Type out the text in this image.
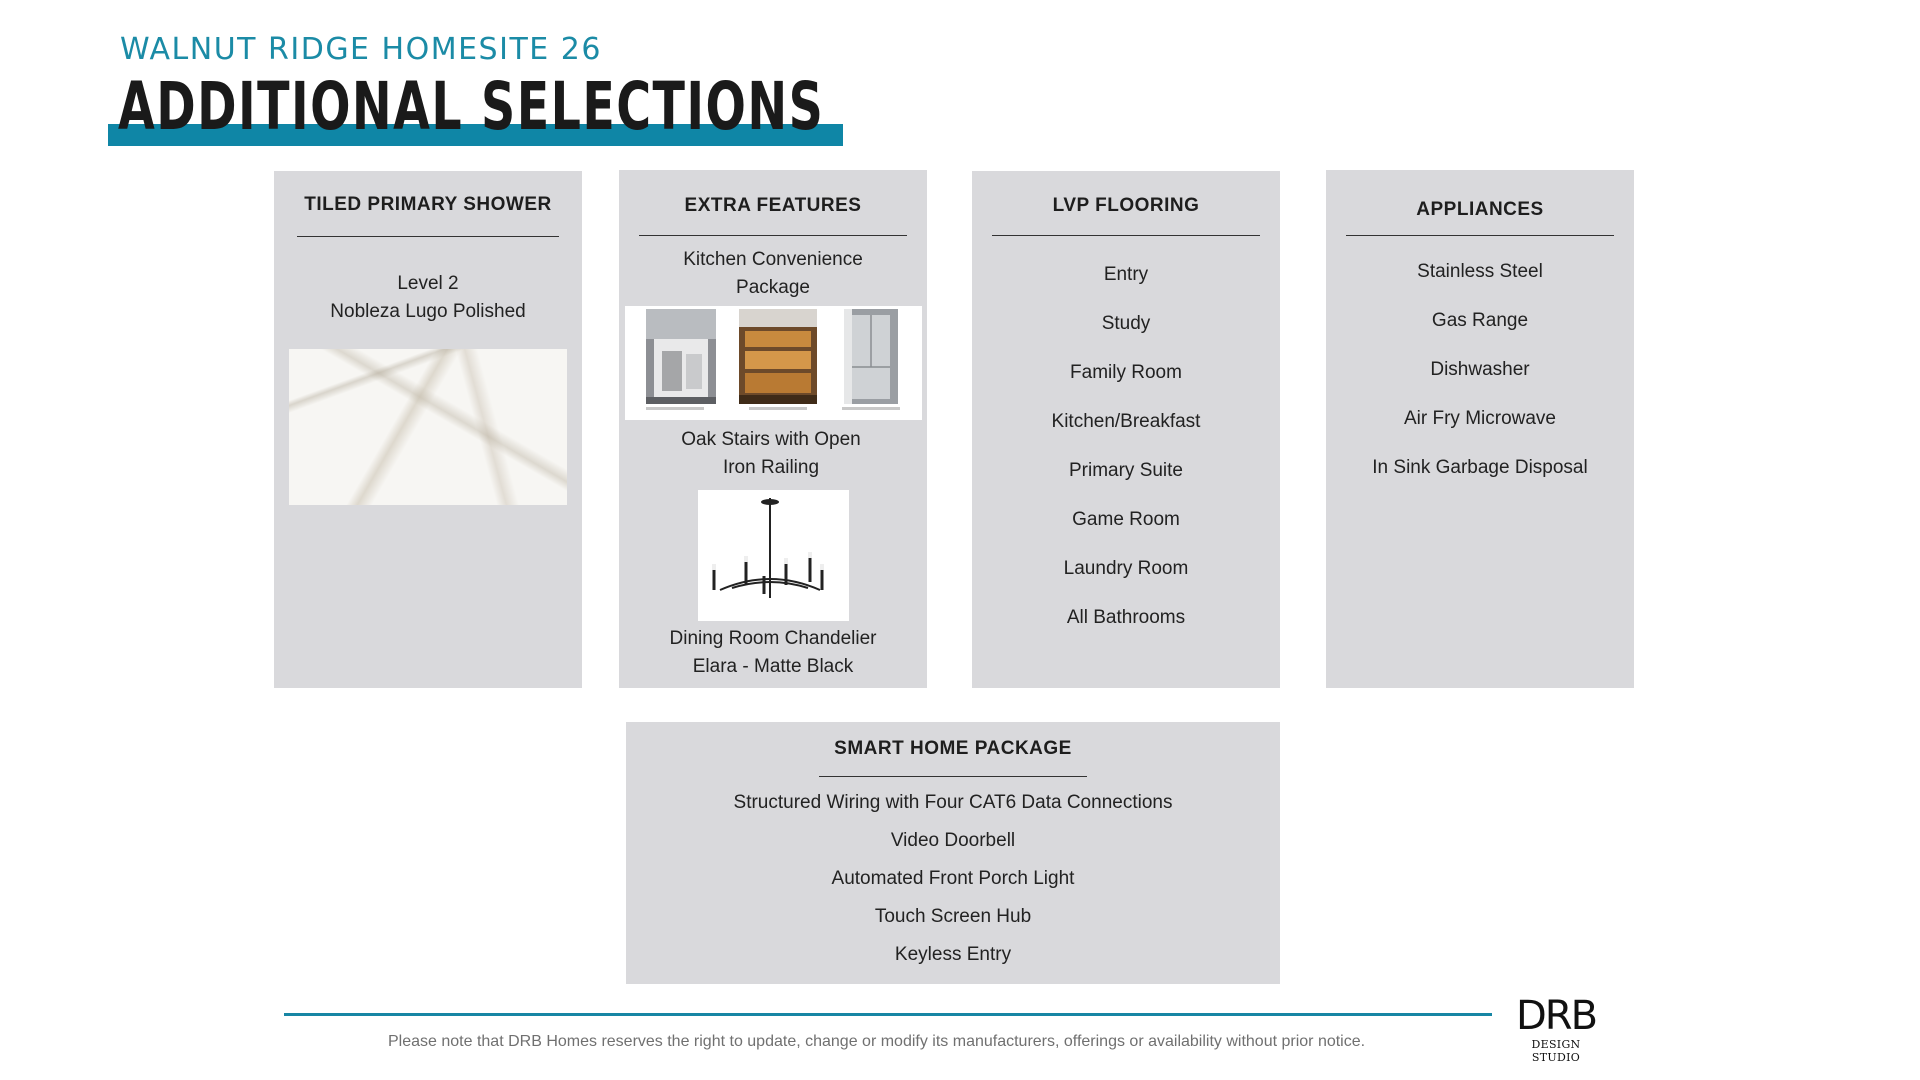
WALNUT RIDGE HOMESITE 26
ADDITIONAL SELECTIONS
TILED PRIMARY SHOWER
Level 2
Nobleza Lugo Polished
EXTRA FEATURES
Kitchen Convenience
Package
Oak Stairs with Open
Iron Railing
Dining Room Chandelier
Elara - Matte Black
LVP FLOORING
Entry
Study
Family Room
Kitchen/Breakfast
Primary Suite
Game Room
Laundry Room
All Bathrooms
APPLIANCES
Stainless Steel
Gas Range
Dishwasher
Air Fry Microwave
In Sink Garbage Disposal
SMART HOME PACKAGE
Structured Wiring with Four CAT6 Data Connections
Video Doorbell
Automated Front Porch Light
Touch Screen Hub
Keyless Entry
Please note that DRB Homes reserves the right to update, change or modify its manufacturers, offerings or availability without prior notice.
DRB
DESIGN STUDIO
